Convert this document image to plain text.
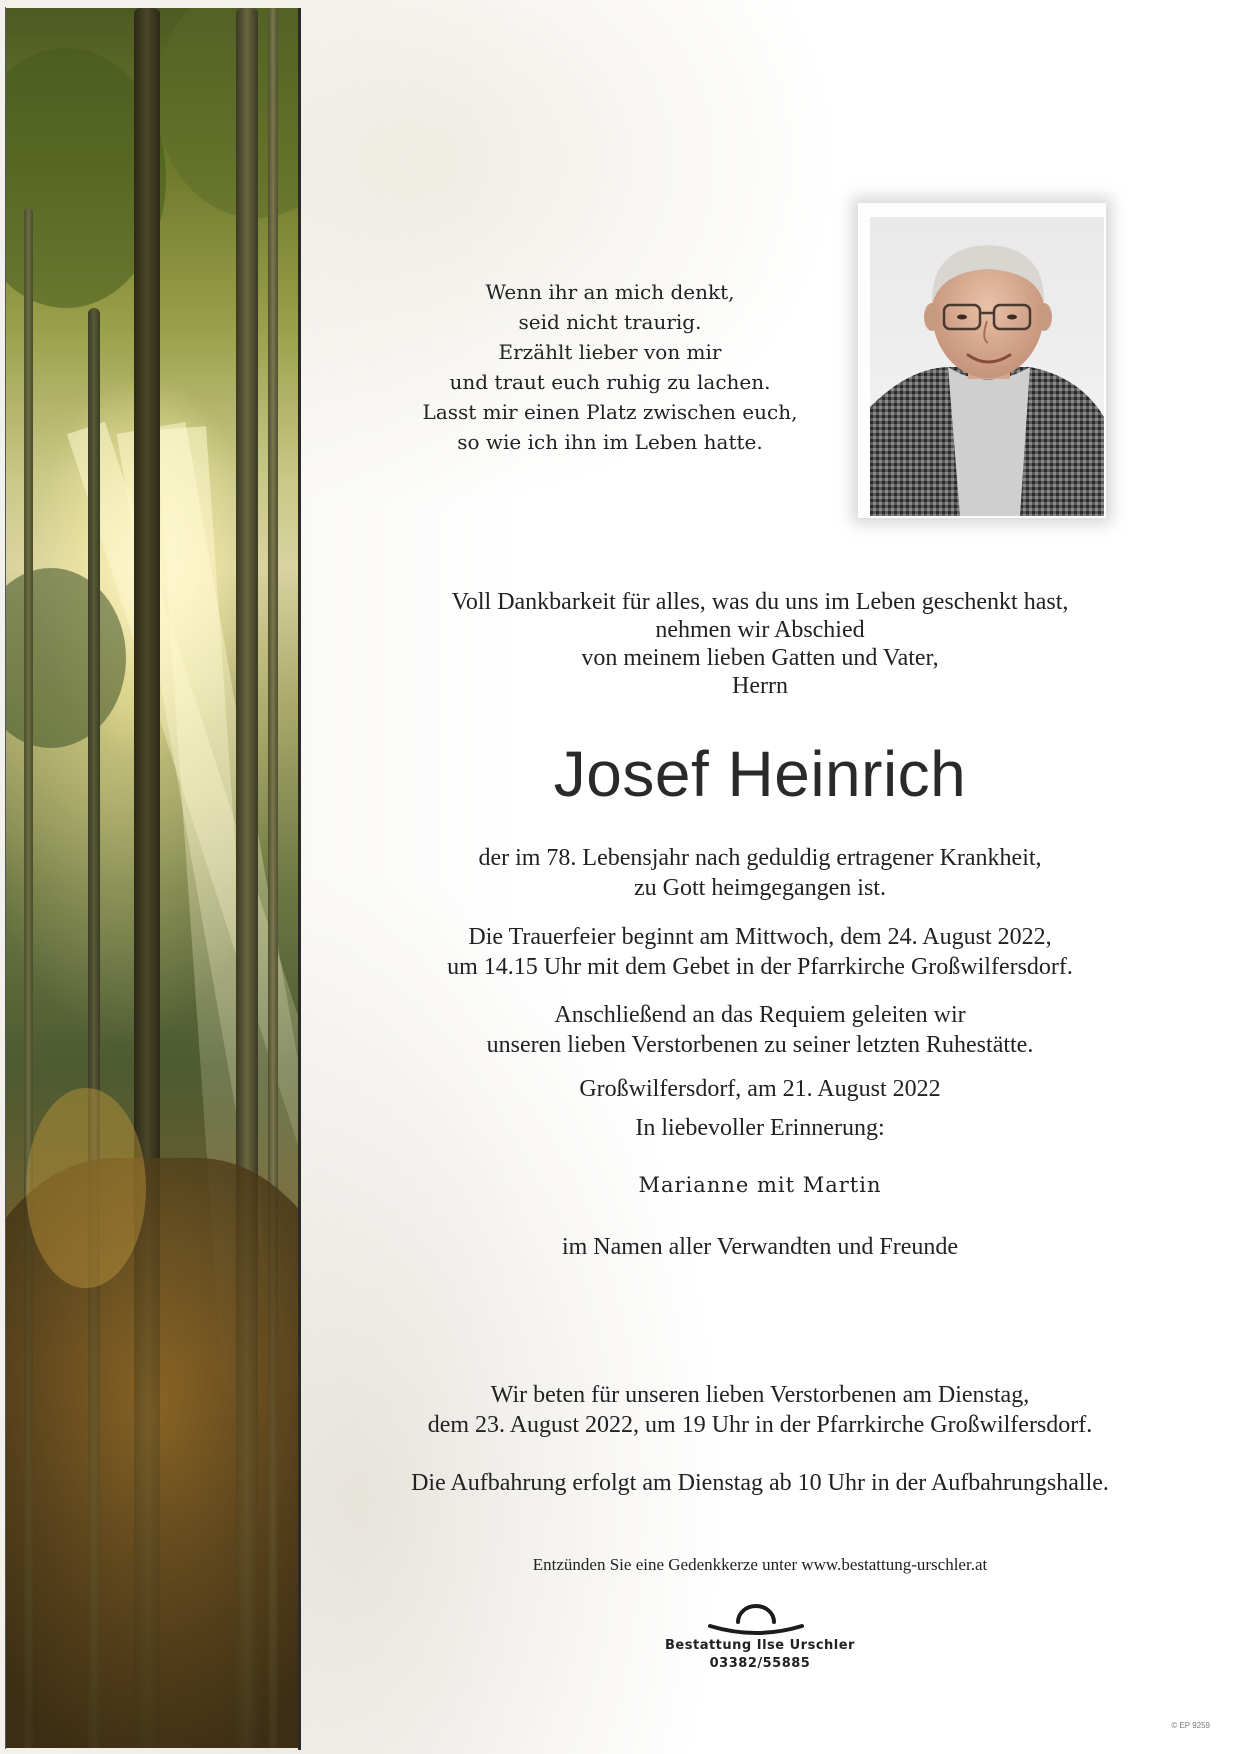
Wenn ihr an mich denkt,
seid nicht traurig.
Erzählt lieber von mir
und traut euch ruhig zu lachen.
Lasst mir einen Platz zwischen euch,
so wie ich ihn im Leben hatte.
Voll Dankbarkeit für alles, was du uns im Leben geschenkt hast,
nehmen wir Abschied
von meinem lieben Gatten und Vater,
Herrn
Josef Heinrich
der im 78. Lebensjahr nach geduldig ertragener Krankheit,
zu Gott heimgegangen ist.
Die Trauerfeier beginnt am Mittwoch, dem 24. August 2022,
um 14.15 Uhr mit dem Gebet in der Pfarrkirche Großwilfersdorf.
Anschließend an das Requiem geleiten wir
unseren lieben Verstorbenen zu seiner letzten Ruhestätte.
Großwilfersdorf, am 21. August 2022
In liebevoller Erinnerung:
Marianne mit Martin
im Namen aller Verwandten und Freunde
Wir beten für unseren lieben Verstorbenen am Dienstag,
dem 23. August 2022, um 19 Uhr in der Pfarrkirche Großwilfersdorf.
Die Aufbahrung erfolgt am Dienstag ab 10 Uhr in der Aufbahrungshalle.
Entzünden Sie eine Gedenkkerze unter www.bestattung-urschler.at
Bestattung Ilse Urschler
03382/55885
© EP 9259
